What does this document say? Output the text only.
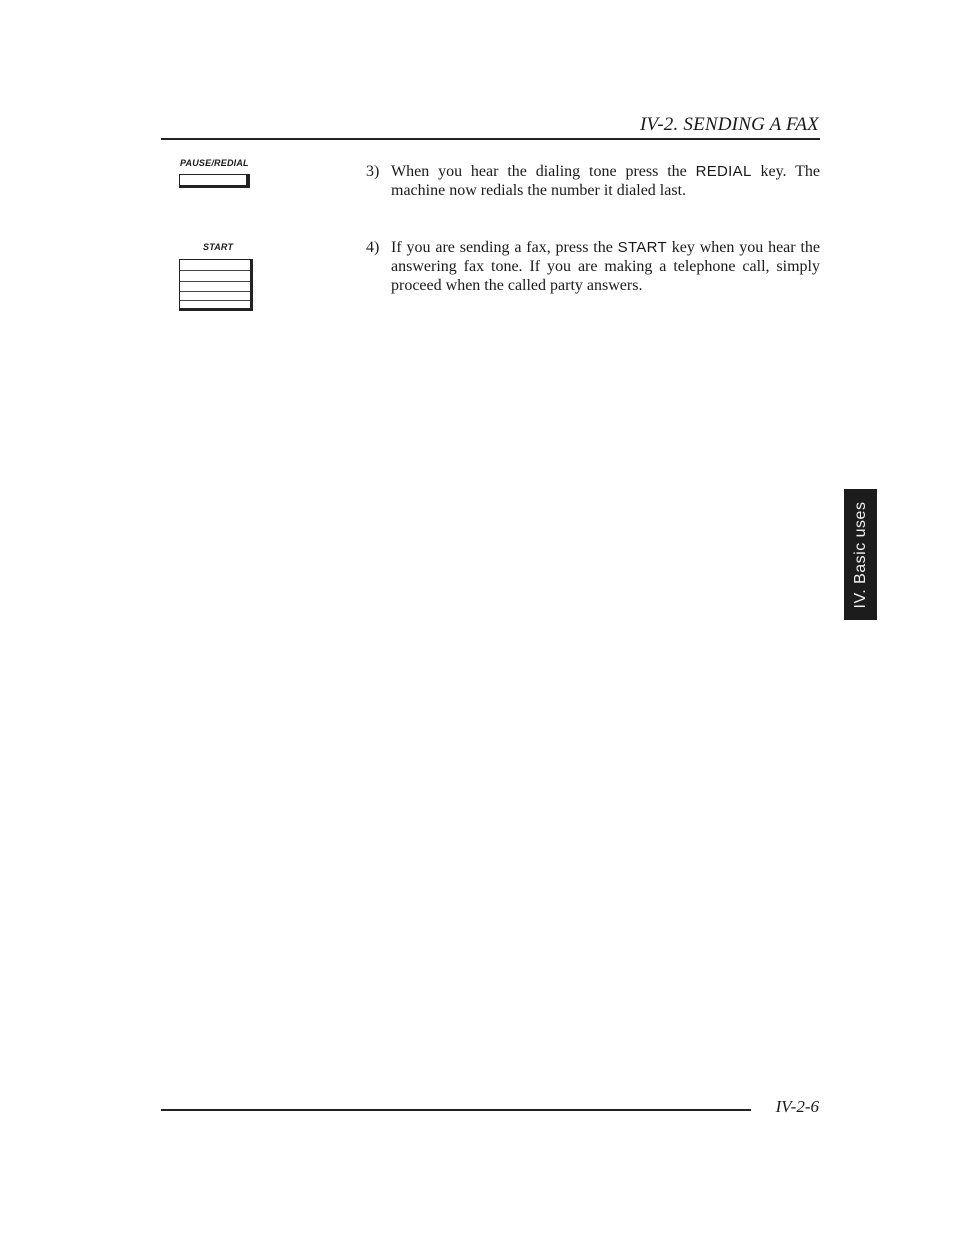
IV-2. SENDING A FAX
PAUSE/REDIAL
START
3) When you hear the dialing tone press the REDIAL key. The machine now redials the number it dialed last.
4) If you are sending a fax, press the START key when you hear the answering fax tone. If you are making a telephone call, simply proceed when the called party answers.
IV. Basic uses
IV-2-6
